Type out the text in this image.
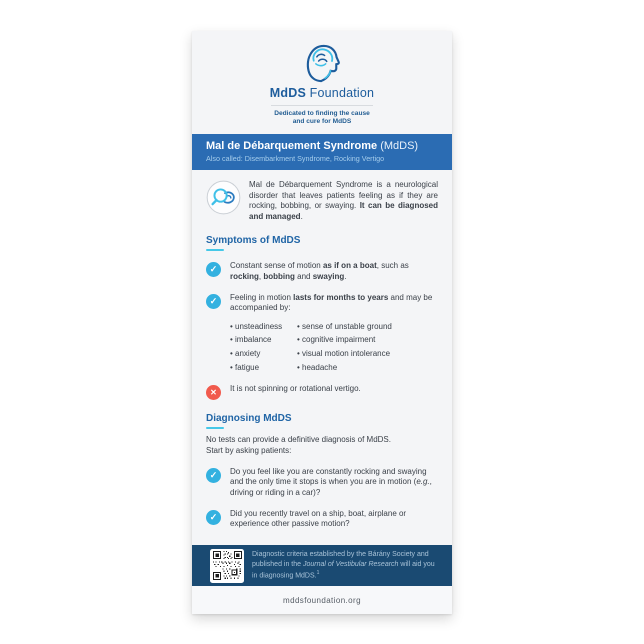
MdDS Foundation
Dedicated to finding the cause
and cure for MdDS
Mal de Débarquement Syndrome (MdDS)
Also called: Disembarkment Syndrome, Rocking Vertigo
Mal de Débarquement Syndrome is a neurological disorder that leaves patients feeling as if they are rocking, bobbing, or swaying. It can be diagnosed and managed.
Symptoms of MdDS
✓	Constant sense of motion as if on a boat, such as rocking, bobbing and swaying.
✓	Feeling in motion lasts for months to years and may be accompanied by:
• unsteadiness	• sense of unstable ground
• imbalance	• cognitive impairment
• anxiety	• visual motion intolerance
• fatigue	• headache
✕	It is not spinning or rotational vertigo.
Diagnosing MdDS
No tests can provide a definitive diagnosis of MdDS.
Start by asking patients:
✓	Do you feel like you are constantly rocking and swaying and the only time it stops is when you are in motion (e.g., driving or riding in a car)?
✓	Did you recently travel on a ship, boat, airplane or experience other passive motion?
Diagnostic criteria established by the Bárány Society and published in the Journal of Vestibular Research will aid you in diagnosing MdDS.$^1$
mddsfoundation.org
